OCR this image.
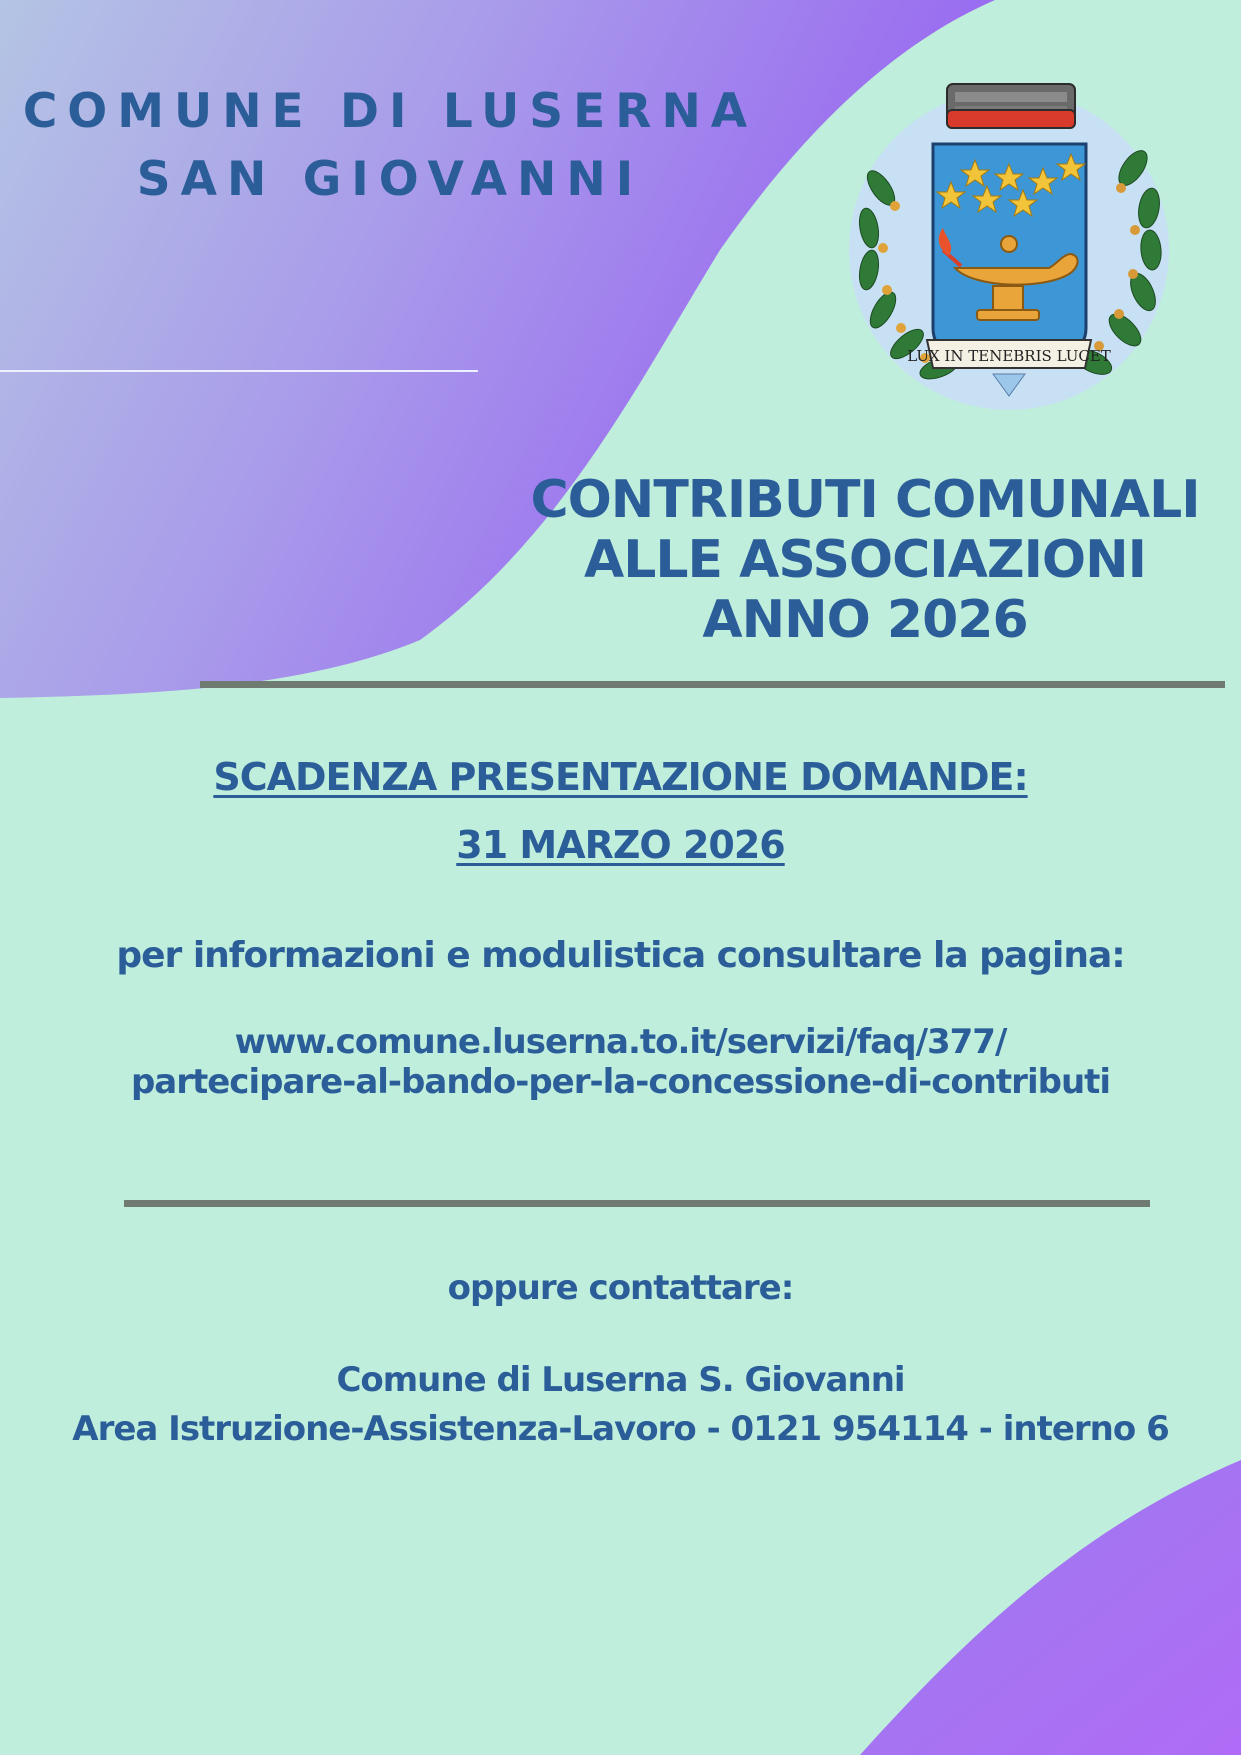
COMUNE DI LUSERNA
SAN GIOVANNI
LUX IN TENEBRIS LUCET
CONTRIBUTI COMUNALI
ALLE ASSOCIAZIONI
ANNO 2026

SCADENZA PRESENTAZIONE DOMANDE:

31 MARZO 2026

per informazioni e modulistica consultare la pagina:

www.comune.luserna.to.it/servizi/faq/377/
partecipare-al-bando-per-la-concessione-di-contributi

oppure contattare:

Comune di Luserna S. Giovanni

Area Istruzione-Assistenza-Lavoro - 0121 954114 - interno 6
